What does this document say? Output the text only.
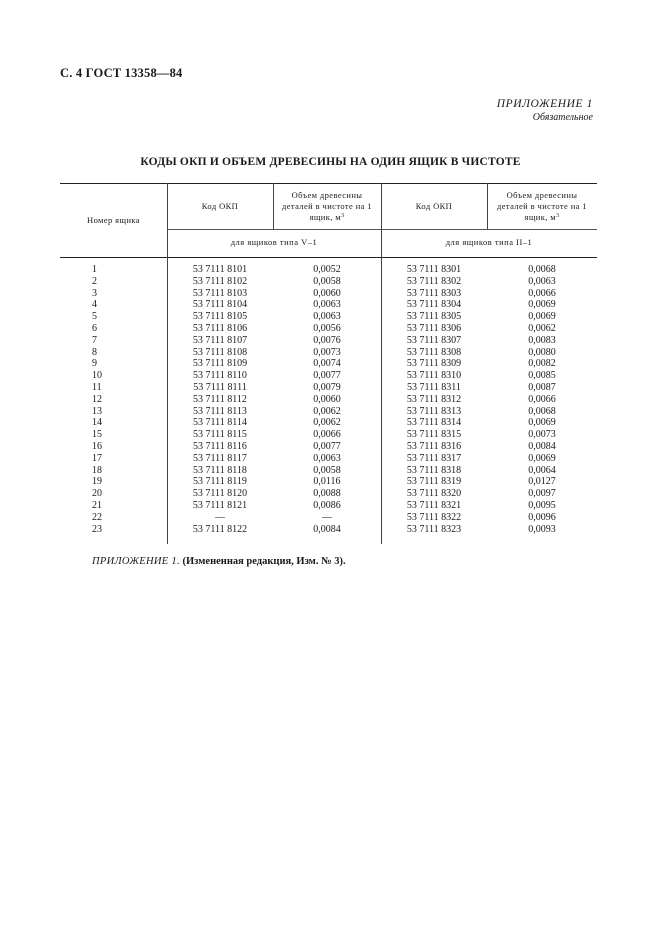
С. 4 ГОСТ 13358—84
ПРИЛОЖЕНИЕ 1
Обязательное
КОДЫ ОКП И ОБЪЕМ ДРЕВЕСИНЫ НА ОДИН ЯЩИК В ЧИСТОТЕ
Номер ящика
Код ОКП
Объем древесины деталей в чистоте на 1 ящик, $м^3$
Код ОКП
Объем древесины деталей в чистоте на 1 ящик, $м^3$
для ящиков типа V–1	для ящиков типа II–1
1	53 7111 8101	0,0052	53 7111 8301	0,0068
2	53 7111 8102	0,0058	53 7111 8302	0,0063
3	53 7111 8103	0,0060	53 7111 8303	0,0066
4	53 7111 8104	0,0063	53 7111 8304	0,0069
5	53 7111 8105	0,0063	53 7111 8305	0,0069
6	53 7111 8106	0,0056	53 7111 8306	0,0062
7	53 7111 8107	0,0076	53 7111 8307	0,0083
8	53 7111 8108	0,0073	53 7111 8308	0,0080
9	53 7111 8109	0,0074	53 7111 8309	0,0082
10	53 7111 8110	0,0077	53 7111 8310	0,0085
11	53 7111 8111	0,0079	53 7111 8311	0,0087
12	53 7111 8112	0,0060	53 7111 8312	0,0066
13	53 7111 8113	0,0062	53 7111 8313	0,0068
14	53 7111 8114	0,0062	53 7111 8314	0,0069
15	53 7111 8115	0,0066	53 7111 8315	0,0073
16	53 7111 8116	0,0077	53 7111 8316	0,0084
17	53 7111 8117	0,0063	53 7111 8317	0,0069
18	53 7111 8118	0,0058	53 7111 8318	0,0064
19	53 7111 8119	0,0116	53 7111 8319	0,0127
20	53 7111 8120	0,0088	53 7111 8320	0,0097
21	53 7111 8121	0,0086	53 7111 8321	0,0095
22	—	—	53 7111 8322	0,0096
23	53 7111 8122	0,0084	53 7111 8323	0,0093
ПРИЛОЖЕНИЕ 1. (Измененная редакция, Изм. № 3).
